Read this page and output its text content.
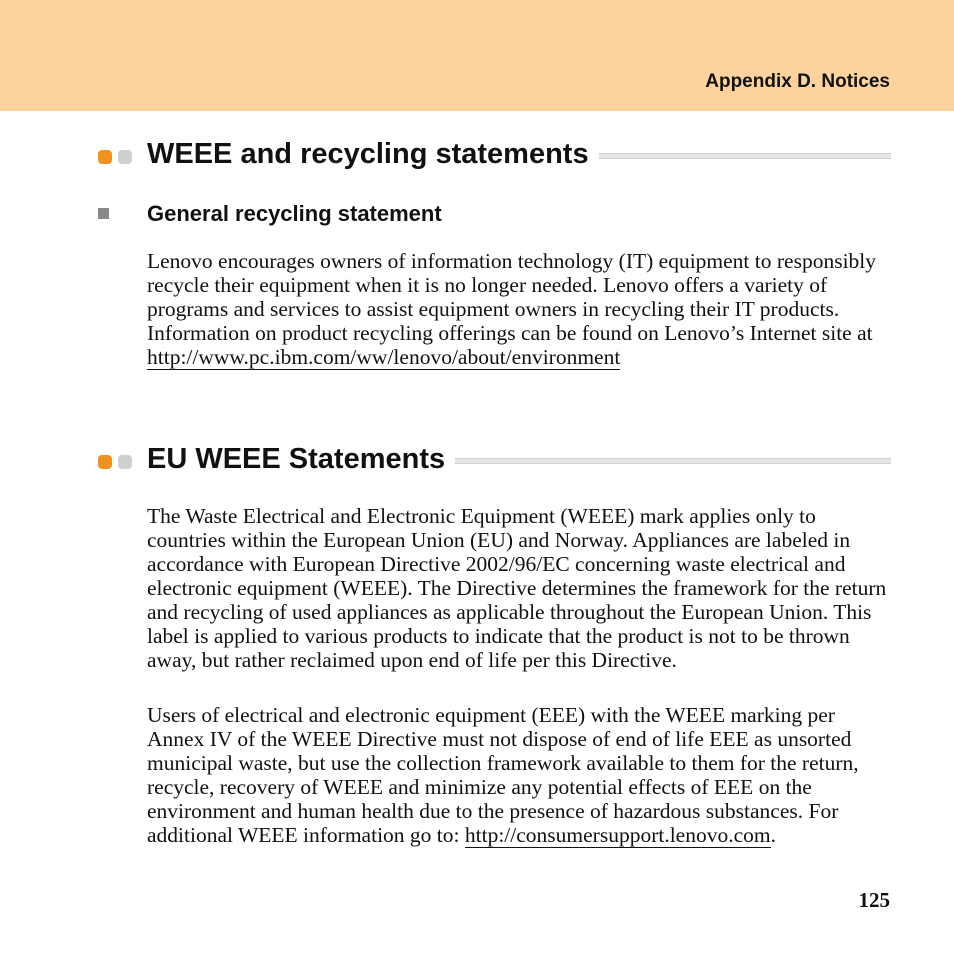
Appendix D. Notices
WEEE and recycling statements
General recycling statement

Lenovo encourages owners of information technology (IT) equipment to responsibly recycle their equipment when it is no longer needed. Lenovo offers a variety of programs and services to assist equipment owners in recycling their IT products. Information on product recycling offerings can be found on Lenovo’s Internet site at http://www.pc.ibm.com/ww/lenovo/about/environment

EU WEEE Statements

The Waste Electrical and Electronic Equipment (WEEE) mark applies only to countries within the European Union (EU) and Norway. Appliances are labeled in accordance with European Directive 2002/96/EC concerning waste electrical and electronic equipment (WEEE). The Directive determines the framework for the return and recycling of used appliances as applicable throughout the European Union. This label is applied to various products to indicate that the product is not to be thrown away, but rather reclaimed upon end of life per this Directive.

Users of electrical and electronic equipment (EEE) with the WEEE marking per Annex IV of the WEEE Directive must not dispose of end of life EEE as unsorted municipal waste, but use the collection framework available to them for the return, recycle, recovery of WEEE and minimize any potential effects of EEE on the environment and human health due to the presence of hazardous substances. For additional WEEE information go to: http://consumersupport.lenovo.com.

125
